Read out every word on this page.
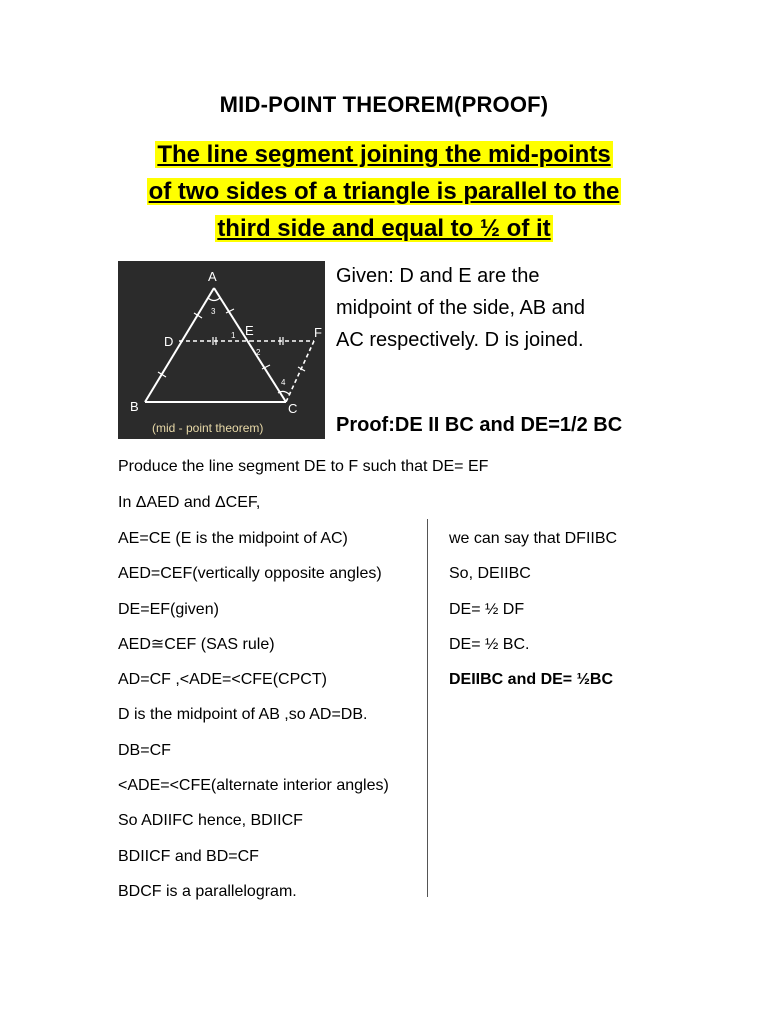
MID-POINT THEOREM(PROOF)
The line segment joining the mid-points
of two sides of a triangle is parallel to the
third side and equal to ½ of it
A
B	C
D
E	F
3
1
2
4
(mid - point theorem)
Given: D and E are the
midpoint of the side, AB and
AC respectively. D is joined.
Proof:DE II BC and DE=1/2 BC
Produce the line segment DE to F such that DE= EF
In ΔAED and ΔCEF,
AE=CE (E is the midpoint of AC)
AED=CEF(vertically opposite angles)
DE=EF(given)
AED≅CEF (SAS rule)
AD=CF ,<ADE=<CFE(CPCT)
D is the midpoint of AB ,so AD=DB.
DB=CF
<ADE=<CFE(alternate interior angles)
So ADIIFC hence, BDIICF
BDIICF and BD=CF
BDCF is a parallelogram.
we can say that DFIIBC
So, DEIIBC
DE= ½ DF
DE= ½ BC.
DEIIBC and DE= ½BC
